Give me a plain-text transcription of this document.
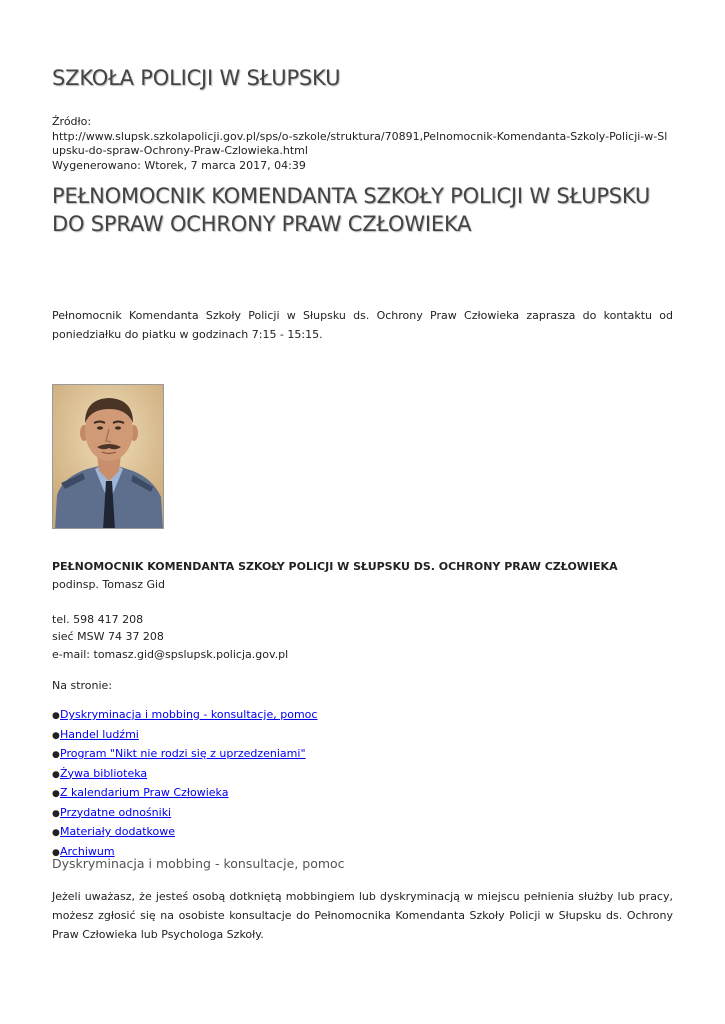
SZKOŁA POLICJI W SŁUPSKU
Źródło:
http://www.slupsk.szkolapolicji.gov.pl/sps/o-szkole/struktura/70891,Pelnomocnik-Komendanta-Szkoly-Policji-w-Slupsku-do-spraw-Ochrony-Praw-Czlowieka.html
Wygenerowano: Wtorek, 7 marca 2017, 04:39
PEŁNOMOCNIK KOMENDANTA SZKOŁY POLICJI W SŁUPSKU DO SPRAW OCHRONY PRAW CZŁOWIEKA

Pełnomocnik Komendanta Szkoły Policji w Słupsku ds. Ochrony Praw Człowieka zaprasza do kontaktu od poniedziałku do piatku w godzinach 7:15 - 15:15.

PEŁNOMOCNIK KOMENDANTA SZKOŁY POLICJI W SŁUPSKU DS. OCHRONY PRAW CZŁOWIEKA

podinsp. Tomasz Gid

tel. 598 417 208

sieć MSW 74 37 208

e-mail: tomasz.gid@spslupsk.policja.gov.pl

Na stronie:

●Dyskryminacja i mobbing - konsultacje, pomoc
●Handel ludźmi
●Program "Nikt nie rodzi się z uprzedzeniami"
●Żywa biblioteka
●Z kalendarium Praw Człowieka
●Przydatne odnośniki
●Materiały dodatkowe
●Archiwum
Dyskryminacja i mobbing - konsultacje, pomoc

Jeżeli uważasz, że jesteś osobą dotkniętą mobbingiem lub dyskryminacją w miejscu pełnienia służby lub pracy, możesz zgłosić się na osobiste konsultacje do Pełnomocnika Komendanta Szkoły Policji w Słupsku ds. Ochrony Praw Człowieka lub Psychologa Szkoły.
